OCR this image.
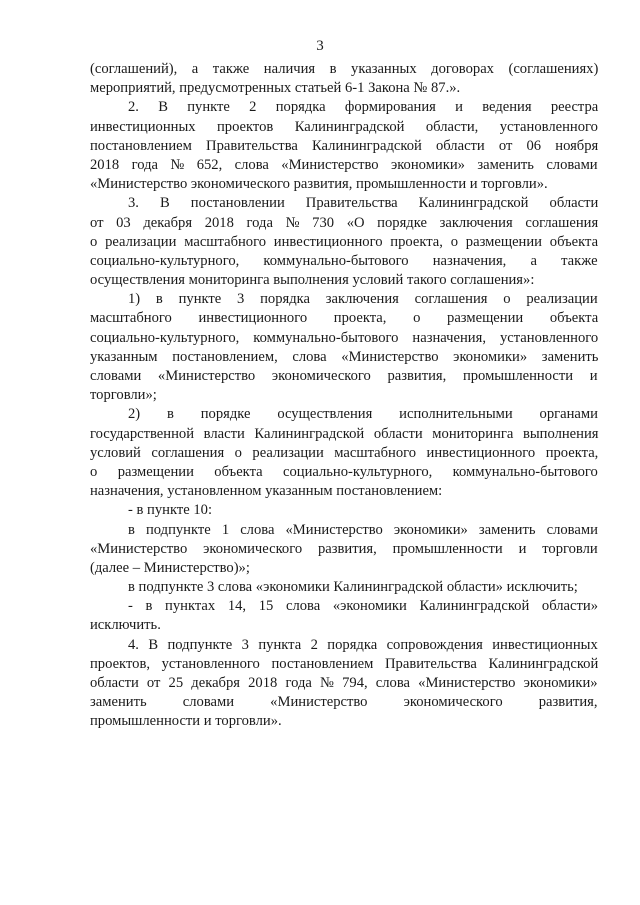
3
(соглашений), а также наличия в указанных договорах (соглашениях)
мероприятий, предусмотренных статьей 6-1 Закона № 87.».
2. В пункте 2 порядка формирования и ведения реестра
инвестиционных проектов Калининградской области, установленного
постановлением Правительства Калининградской области от 06 ноября
2018 года № 652, слова «Министерство экономики» заменить словами
«Министерство экономического развития, промышленности и торговли».
3. В постановлении Правительства Калининградской области
от 03 декабря 2018 года № 730 «О порядке заключения соглашения
о реализации масштабного инвестиционного проекта, о размещении объекта
социально-культурного, коммунально-бытового назначения, а также
осуществления мониторинга выполнения условий такого соглашения»:
1) в пункте 3 порядка заключения соглашения о реализации
масштабного инвестиционного проекта, о размещении объекта
социально-культурного, коммунально-бытового назначения, установленного
указанным постановлением, слова «Министерство экономики» заменить
словами «Министерство экономического развития, промышленности и
торговли»;
2) в порядке осуществления исполнительными органами
государственной власти Калининградской области мониторинга выполнения
условий соглашения о реализации масштабного инвестиционного проекта,
о размещении объекта социально-культурного, коммунально-бытового
назначения, установленном указанным постановлением:
- в пункте 10:
в подпункте 1 слова «Министерство экономики» заменить словами
«Министерство экономического развития, промышленности и торговли
(далее – Министерство)»;
в подпункте 3 слова «экономики Калининградской области» исключить;
- в пунктах 14, 15 слова «экономики Калининградской области»
исключить.
4. В подпункте 3 пункта 2 порядка сопровождения инвестиционных
проектов, установленного постановлением Правительства Калининградской
области от 25 декабря 2018 года № 794, слова «Министерство экономики»
заменить словами «Министерство экономического развития,
промышленности и торговли».
